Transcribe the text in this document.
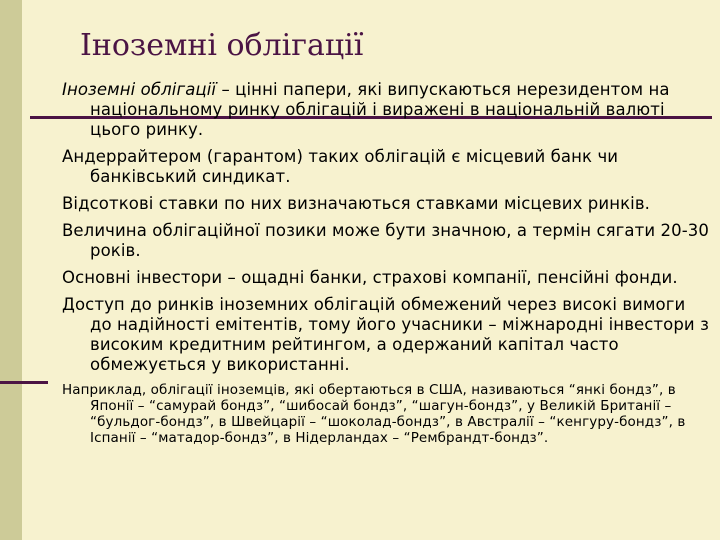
Іноземні облігації

Іноземні облігації – цінні папери, які випускаються нерезидентом на національному ринку облігацій і виражені в національній валюті цього ринку.

Андеррайтером (гарантом) таких облігацій є місцевий банк чи банківський синдикат.

Відсоткові ставки по них визначаються ставками місцевих ринків.

Величина облігаційної позики може бути значною, а термін сягати 20-30 років.

Основні інвестори – ощадні банки, страхові компанії, пенсійні фонди.

Доступ до ринків іноземних облігацій обмежений через високі вимоги до надійності емітентів, тому його учасники – міжнародні інвестори з високим кредитним рейтингом, а одержаний капітал часто обмежується у використанні.

Наприклад, облігації іноземців, які обертаються в США, називаються “янкі бондз”, в Японії – “самурай бондз”, “шибосай бондз”, “шагун-бондз”, у Великій Британії – “бульдог-бондз”, в Швейцарії – “шоколад-бондз”, в Австралії – “кенгуру-бондз”, в Іспанії – “матадор-бондз”, в Нідерландах – “Рембрандт-бондз”.
